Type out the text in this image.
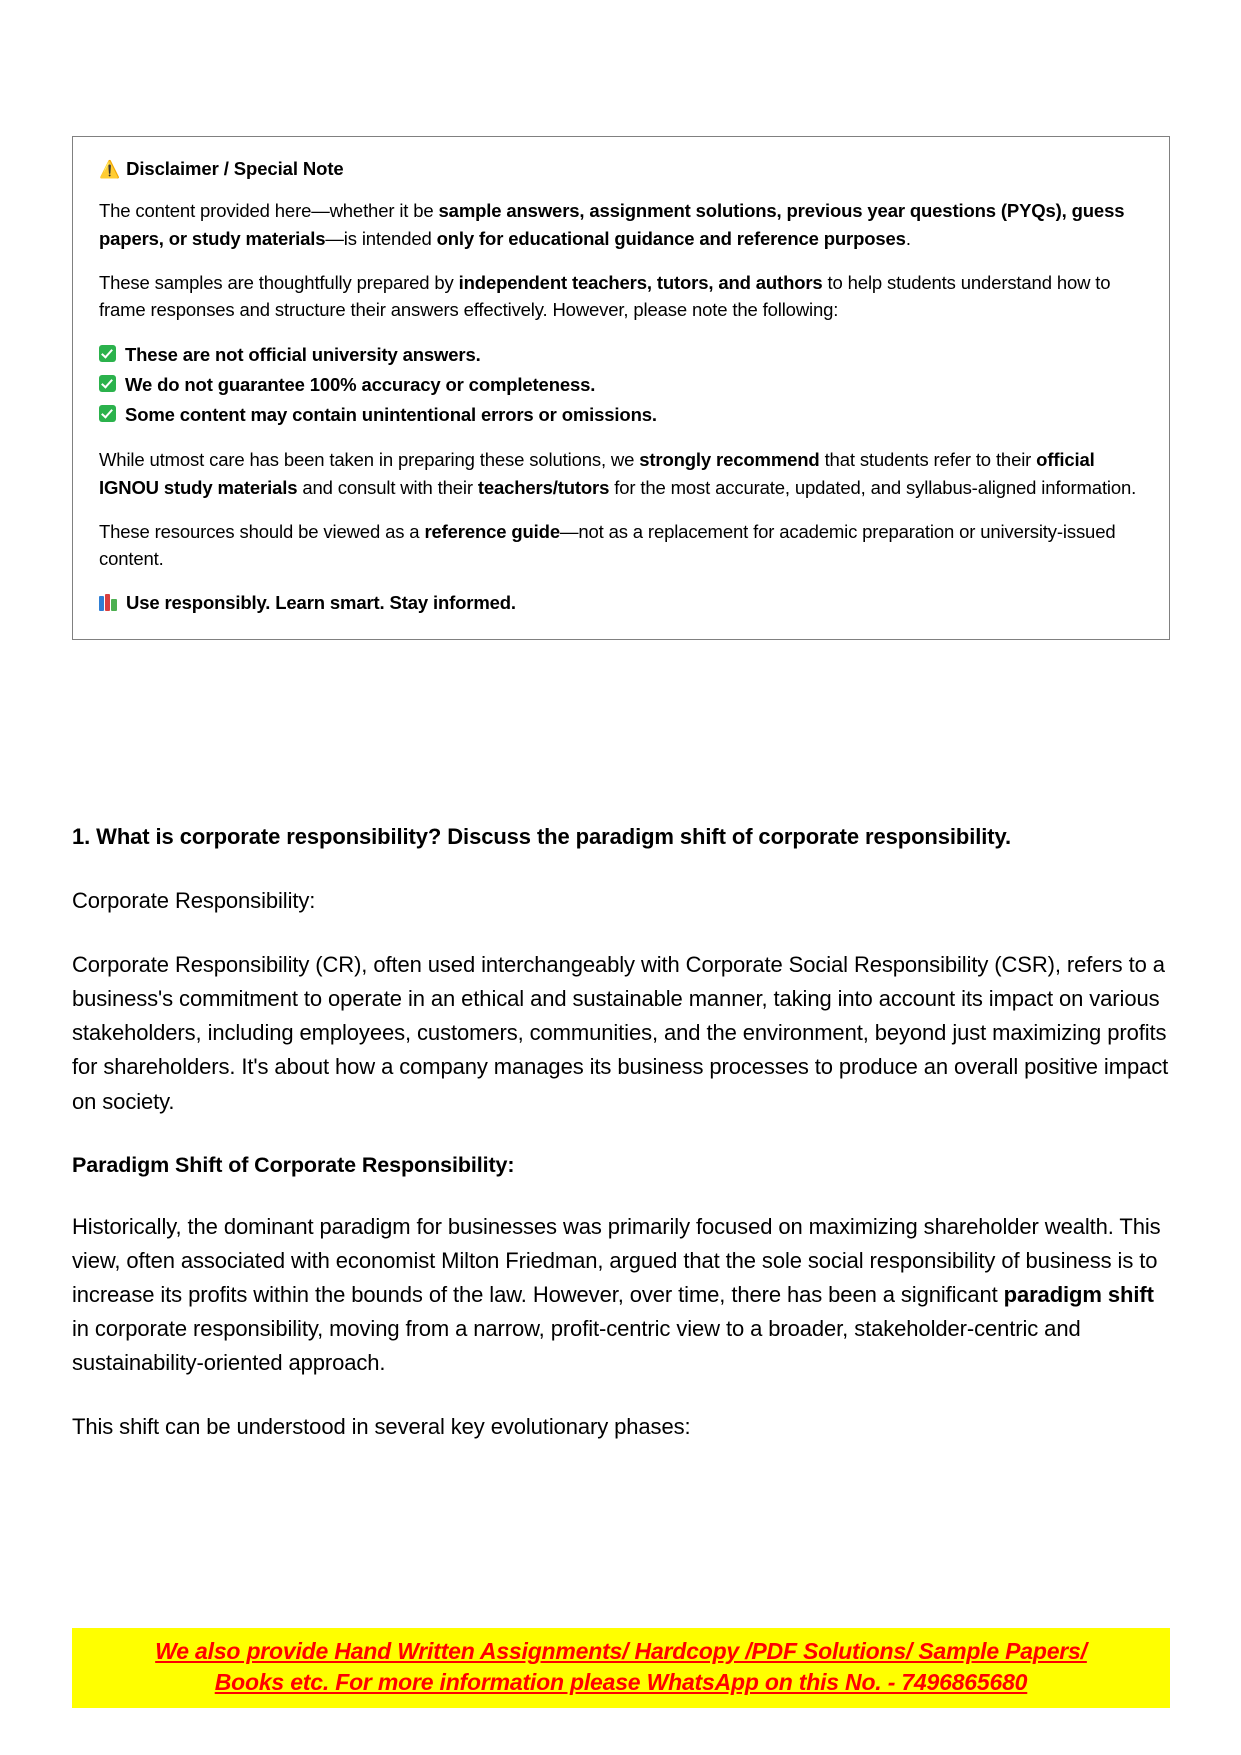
⚠️ Disclaimer / Special Note

The content provided here—whether it be sample answers, assignment solutions, previous year questions (PYQs), guess papers, or study materials—is intended only for educational guidance and reference purposes.

These samples are thoughtfully prepared by independent teachers, tutors, and authors to help students understand how to frame responses and structure their answers effectively. However, please note the following:

These are not official university answers.
We do not guarantee 100% accuracy or completeness.
Some content may contain unintentional errors or omissions.

While utmost care has been taken in preparing these solutions, we strongly recommend that students refer to their official IGNOU study materials and consult with their teachers/tutors for the most accurate, updated, and syllabus-aligned information.

These resources should be viewed as a reference guide—not as a replacement for academic preparation or university-issued content.

Use responsibly. Learn smart. Stay informed.

1. What is corporate responsibility? Discuss the paradigm shift of corporate responsibility.

Corporate Responsibility:

Corporate Responsibility (CR), often used interchangeably with Corporate Social Responsibility (CSR), refers to a business's commitment to operate in an ethical and sustainable manner, taking into account its impact on various stakeholders, including employees, customers, communities, and the environment, beyond just maximizing profits for shareholders. It's about how a company manages its business processes to produce an overall positive impact on society.

Paradigm Shift of Corporate Responsibility:

Historically, the dominant paradigm for businesses was primarily focused on maximizing shareholder wealth. This view, often associated with economist Milton Friedman, argued that the sole social responsibility of business is to increase its profits within the bounds of the law. However, over time, there has been a significant paradigm shift in corporate responsibility, moving from a narrow, profit-centric view to a broader, stakeholder-centric and sustainability-oriented approach.

This shift can be understood in several key evolutionary phases:

We also provide Hand Written Assignments/ Hardcopy /PDF Solutions/ Sample Papers/
Books etc. For more information please WhatsApp on this No. - 7496865680
